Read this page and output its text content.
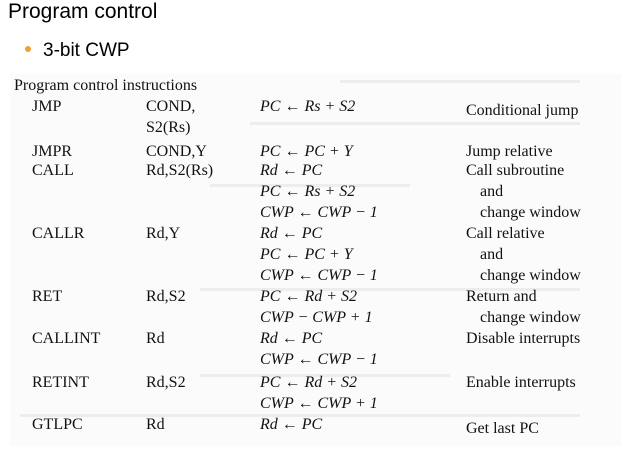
Program control
3-bit CWP
Program control instructions
JMP	COND,	PC ← Rs + S2	Conditional jump
S2(Rs)
JMPR	COND,Y	PC ← PC + Y	Jump relative
CALL	Rd,S2(Rs)	Rd ← PC	Call subroutine
PC ← Rs + S2	and
CWP ← CWP − 1	change window
CALLR	Rd,Y	Rd ← PC	Call relative
PC ← PC + Y	and
CWP ← CWP − 1	change window
RET	Rd,S2	PC ← Rd + S2	Return and
CWP − CWP + 1	change window
CALLINT	Rd	Rd ← PC	Disable interrupts
CWP ← CWP − 1
RETINT	Rd,S2	PC ← Rd + S2	Enable interrupts
CWP ← CWP + 1
GTLPC	Rd	Rd ← PC	Get last PC
